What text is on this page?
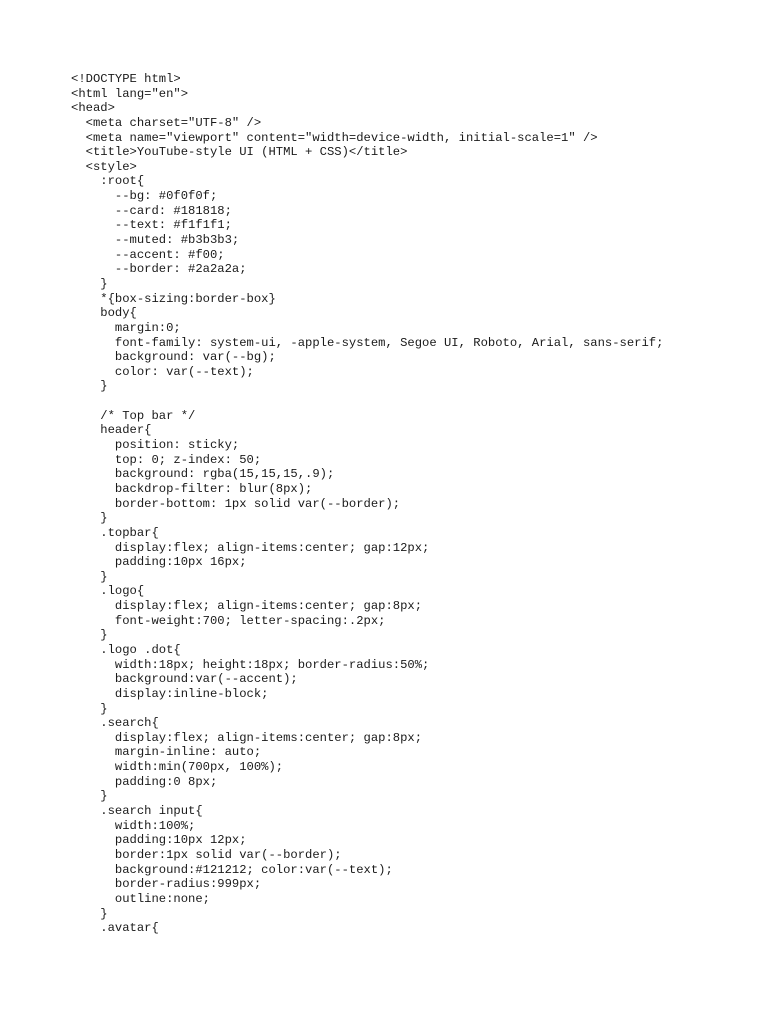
<!DOCTYPE html>
<html lang="en">
<head>
<meta charset="UTF-8" />
<meta name="viewport" content="width=device-width, initial-scale=1" />
<title>YouTube-style UI (HTML + CSS)</title>
<style>
:root{
--bg: #0f0f0f;
--card: #181818;
--text: #f1f1f1;
--muted: #b3b3b3;
--accent: #f00;
--border: #2a2a2a;
}
*{box-sizing:border-box}
body{
margin:0;
font-family: system-ui, -apple-system, Segoe UI, Roboto, Arial, sans-serif;
background: var(--bg);
color: var(--text);
}
/* Top bar */
header{
position: sticky;
top: 0; z-index: 50;
background: rgba(15,15,15,.9);
backdrop-filter: blur(8px);
border-bottom: 1px solid var(--border);
}
.topbar{
display:flex; align-items:center; gap:12px;
padding:10px 16px;
}
.logo{
display:flex; align-items:center; gap:8px;
font-weight:700; letter-spacing:.2px;
}
.logo .dot{
width:18px; height:18px; border-radius:50%;
background:var(--accent);
display:inline-block;
}
.search{
display:flex; align-items:center; gap:8px;
margin-inline: auto;
width:min(700px, 100%);
padding:0 8px;
}
.search input{
width:100%;
padding:10px 12px;
border:1px solid var(--border);
background:#121212; color:var(--text);
border-radius:999px;
outline:none;
}
.avatar{
